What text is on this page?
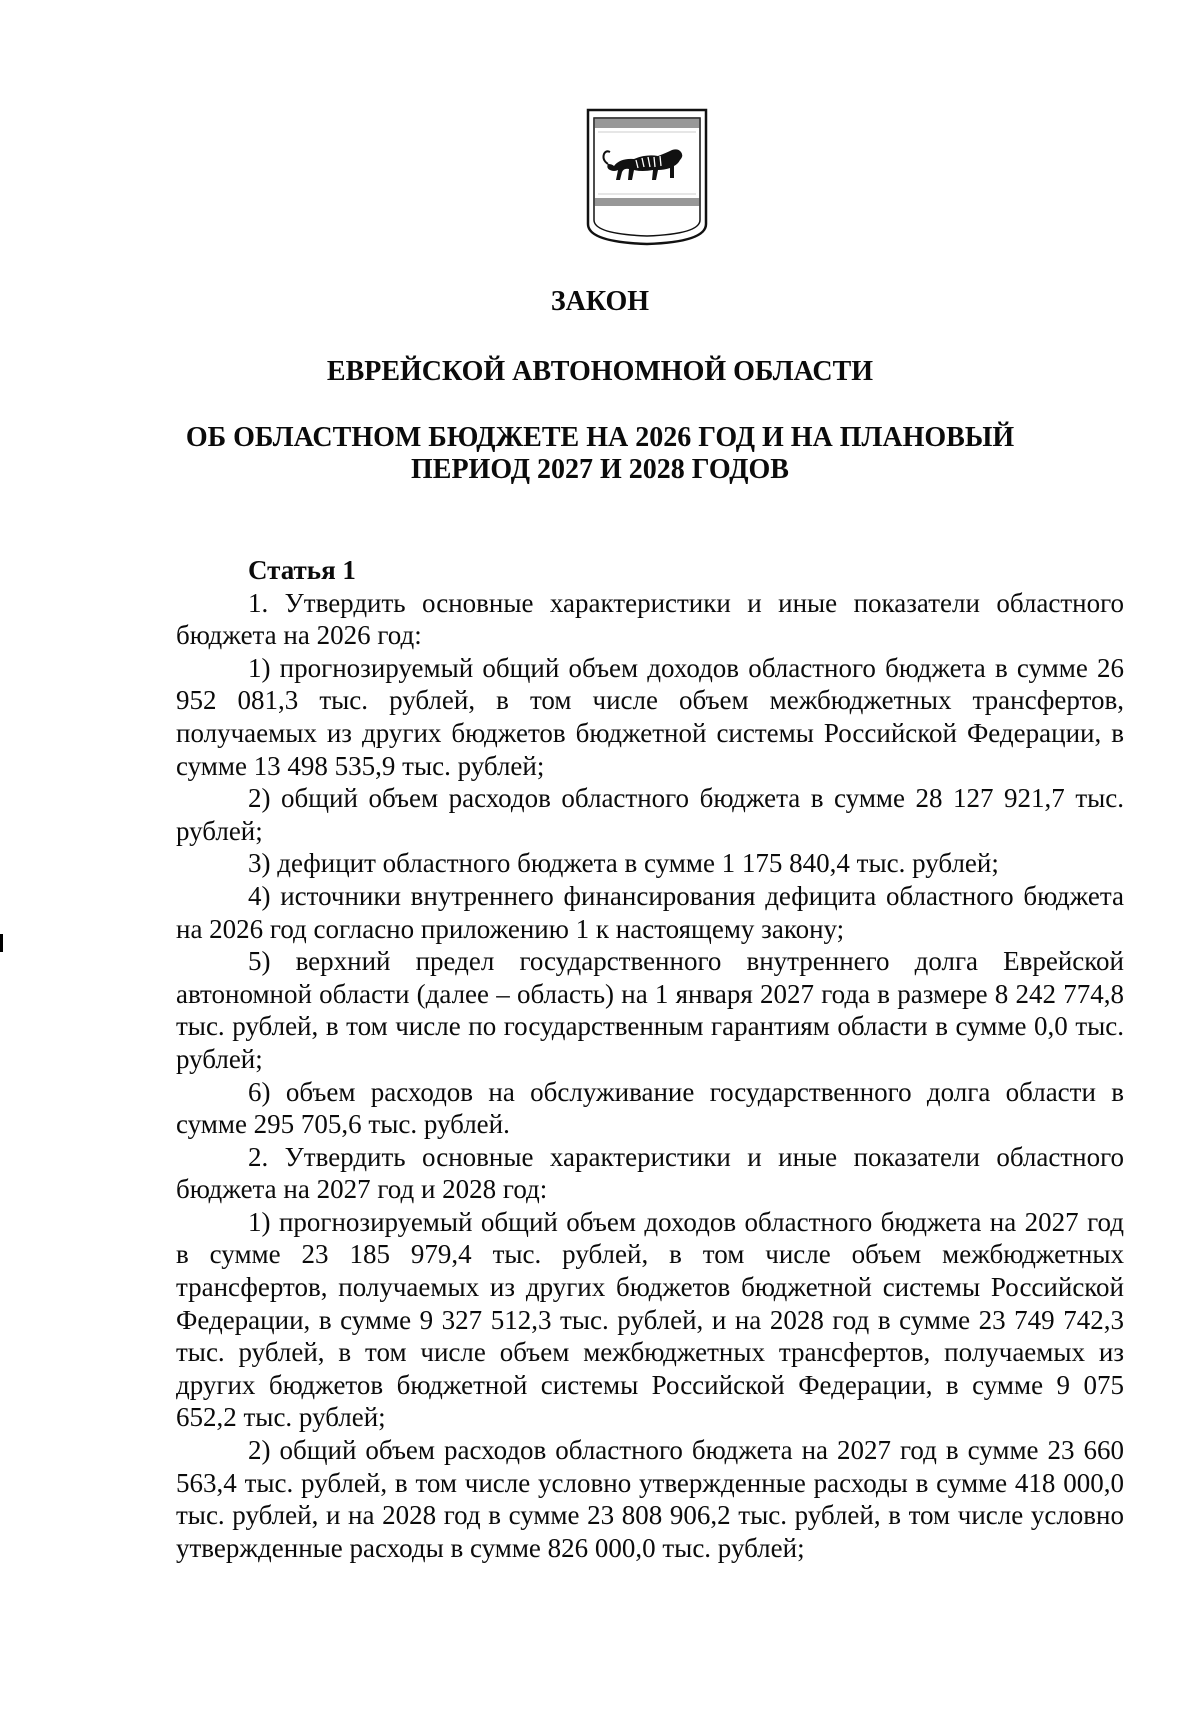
ЗАКОН
ЕВРЕЙСКОЙ АВТОНОМНОЙ ОБЛАСТИ
ОБ ОБЛАСТНОМ БЮДЖЕТЕ НА 2026 ГОД И НА ПЛАНОВЫЙ
ПЕРИОД 2027 И 2028 ГОДОВ
Статья 1

1. Утвердить основные характеристики и иные показатели областного бюджета на 2026 год:

1) прогнозируемый общий объем доходов областного бюджета в сумме 26 952 081,3 тыс. рублей, в том числе объем межбюджетных трансфертов, получаемых из других бюджетов бюджетной системы Российской Федерации, в сумме 13 498 535,9 тыс. рублей;

2) общий объем расходов областного бюджета в сумме 28 127 921,7 тыс. рублей;

3) дефицит областного бюджета в сумме 1 175 840,4 тыс. рублей;

4) источники внутреннего финансирования дефицита областного бюджета на 2026 год согласно приложению 1 к настоящему закону;

5) верхний предел государственного внутреннего долга Еврейской автономной области (далее – область) на 1 января 2027 года в размере 8 242 774,8 тыс. рублей, в том числе по государственным гарантиям области в сумме 0,0 тыс. рублей;

6) объем расходов на обслуживание государственного долга области в сумме 295 705,6 тыс. рублей.

2. Утвердить основные характеристики и иные показатели областного бюджета на 2027 год и 2028 год:

1) прогнозируемый общий объем доходов областного бюджета на 2027 год в сумме 23 185 979,4 тыс. рублей, в том числе объем межбюджетных трансфертов, получаемых из других бюджетов бюджетной системы Российской Федерации, в сумме 9 327 512,3 тыс. рублей, и на 2028 год в сумме 23 749 742,3 тыс. рублей, в том числе объем межбюджетных трансфертов, получаемых из других бюджетов бюджетной системы Российской Федерации, в сумме 9 075 652,2 тыс. рублей;

2) общий объем расходов областного бюджета на 2027 год в сумме 23 660 563,4 тыс. рублей, в том числе условно утвержденные расходы в сумме 418 000,0 тыс. рублей, и на 2028 год в сумме 23 808 906,2 тыс. рублей, в том числе условно утвержденные расходы в сумме 826 000,0 тыс. рублей;
